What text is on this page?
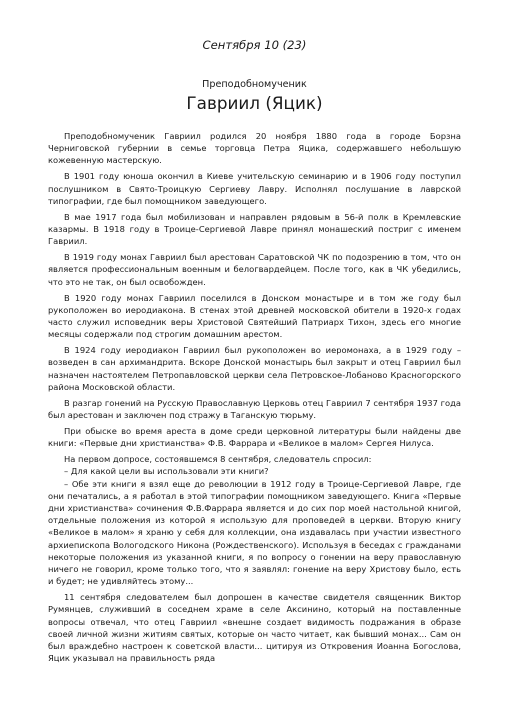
Сентября 10 (23)

Преподобномученик

Гавриил (Яцик)

Преподобномученик Гавриил родился 20 ноября 1880 года в городе Борзна Черниговской губернии в семье торговца Петра Яцика, содержавшего небольшую кожевенную мастерскую.

В 1901 году юноша окончил в Киеве учительскую семинарию и в 1906 году поступил послушником в Свято-Троицкую Сергиеву Лавру. Исполнял послушание в лаврской типографии, где был помощником заведующего.

В мае 1917 года был мобилизован и направлен рядовым в 56-й полк в Кремлевские казармы. В 1918 году в Троице-Сергиевой Лавре принял монашеский постриг с именем Гавриил.

В 1919 году монах Гавриил был арестован Саратовской ЧК по подозрению в том, что он является профессиональным военным и белогвардейцем. После того, как в ЧК убедились, что это не так, он был освобожден.

В 1920 году монах Гавриил поселился в Донском монастыре и в том же году был рукоположен во иеродиакона. В стенах этой древней московской обители в 1920-х годах часто служил исповедник веры Христовой Святейший Патриарх Тихон, здесь его многие месяцы содержали под строгим домашним арестом.

В 1924 году иеродиакон Гавриил был рукоположен во иеромонаха, а в 1929 году – возведен в сан архимандрита. Вскоре Донской монастырь был закрыт и отец Гавриил был назначен настоятелем Петропавловской церкви села Петровское-Лобаново Красногорского района Московской области.

В разгар гонений на Русскую Православную Церковь отец Гавриил 7 сентября 1937 года был арестован и заключен под стражу в Таганскую тюрьму.

При обыске во время ареста в доме среди церковной литературы были найдены две книги: «Первые дни христианства» Ф.В. Фаррара и «Великое в малом» Сергея Нилуса.

На первом допросе, состоявшемся 8 сентября, следователь спросил:

– Для какой цели вы использовали эти книги?

– Обе эти книги я взял еще до революции в 1912 году в Троице-Сергиевой Лавре, где они печатались, а я работал в этой типографии помощником заведующего. Книга «Первые дни христианства» сочинения Ф.В.Фаррара является и до сих пор моей настольной книгой, отдельные положения из которой я использую для проповедей в церкви. Вторую книгу «Великое в малом» я храню у себя для коллекции, она издавалась при участии известного архиепископа Вологодского Никона (Рождественского). Используя в беседах с гражданами некоторые положения из указанной книги, я по вопросу о гонении на веру православную ничего не говорил, кроме только того, что я заявлял: гонение на веру Христову было, есть и будет; не удивляйтесь этому...

11 сентября следователем был допрошен в качестве свидетеля священник Виктор Румянцев, служивший в соседнем храме в селе Аксинино, который на поставленные вопросы отвечал, что отец Гавриил «внешне создает видимость подражания в образе своей личной жизни житиям святых, которые он часто читает, как бывший монах... Сам он был враждебно настроен к советской власти... цитируя из Откровения Иоанна Богослова, Яцик указывал на правильность ряда
